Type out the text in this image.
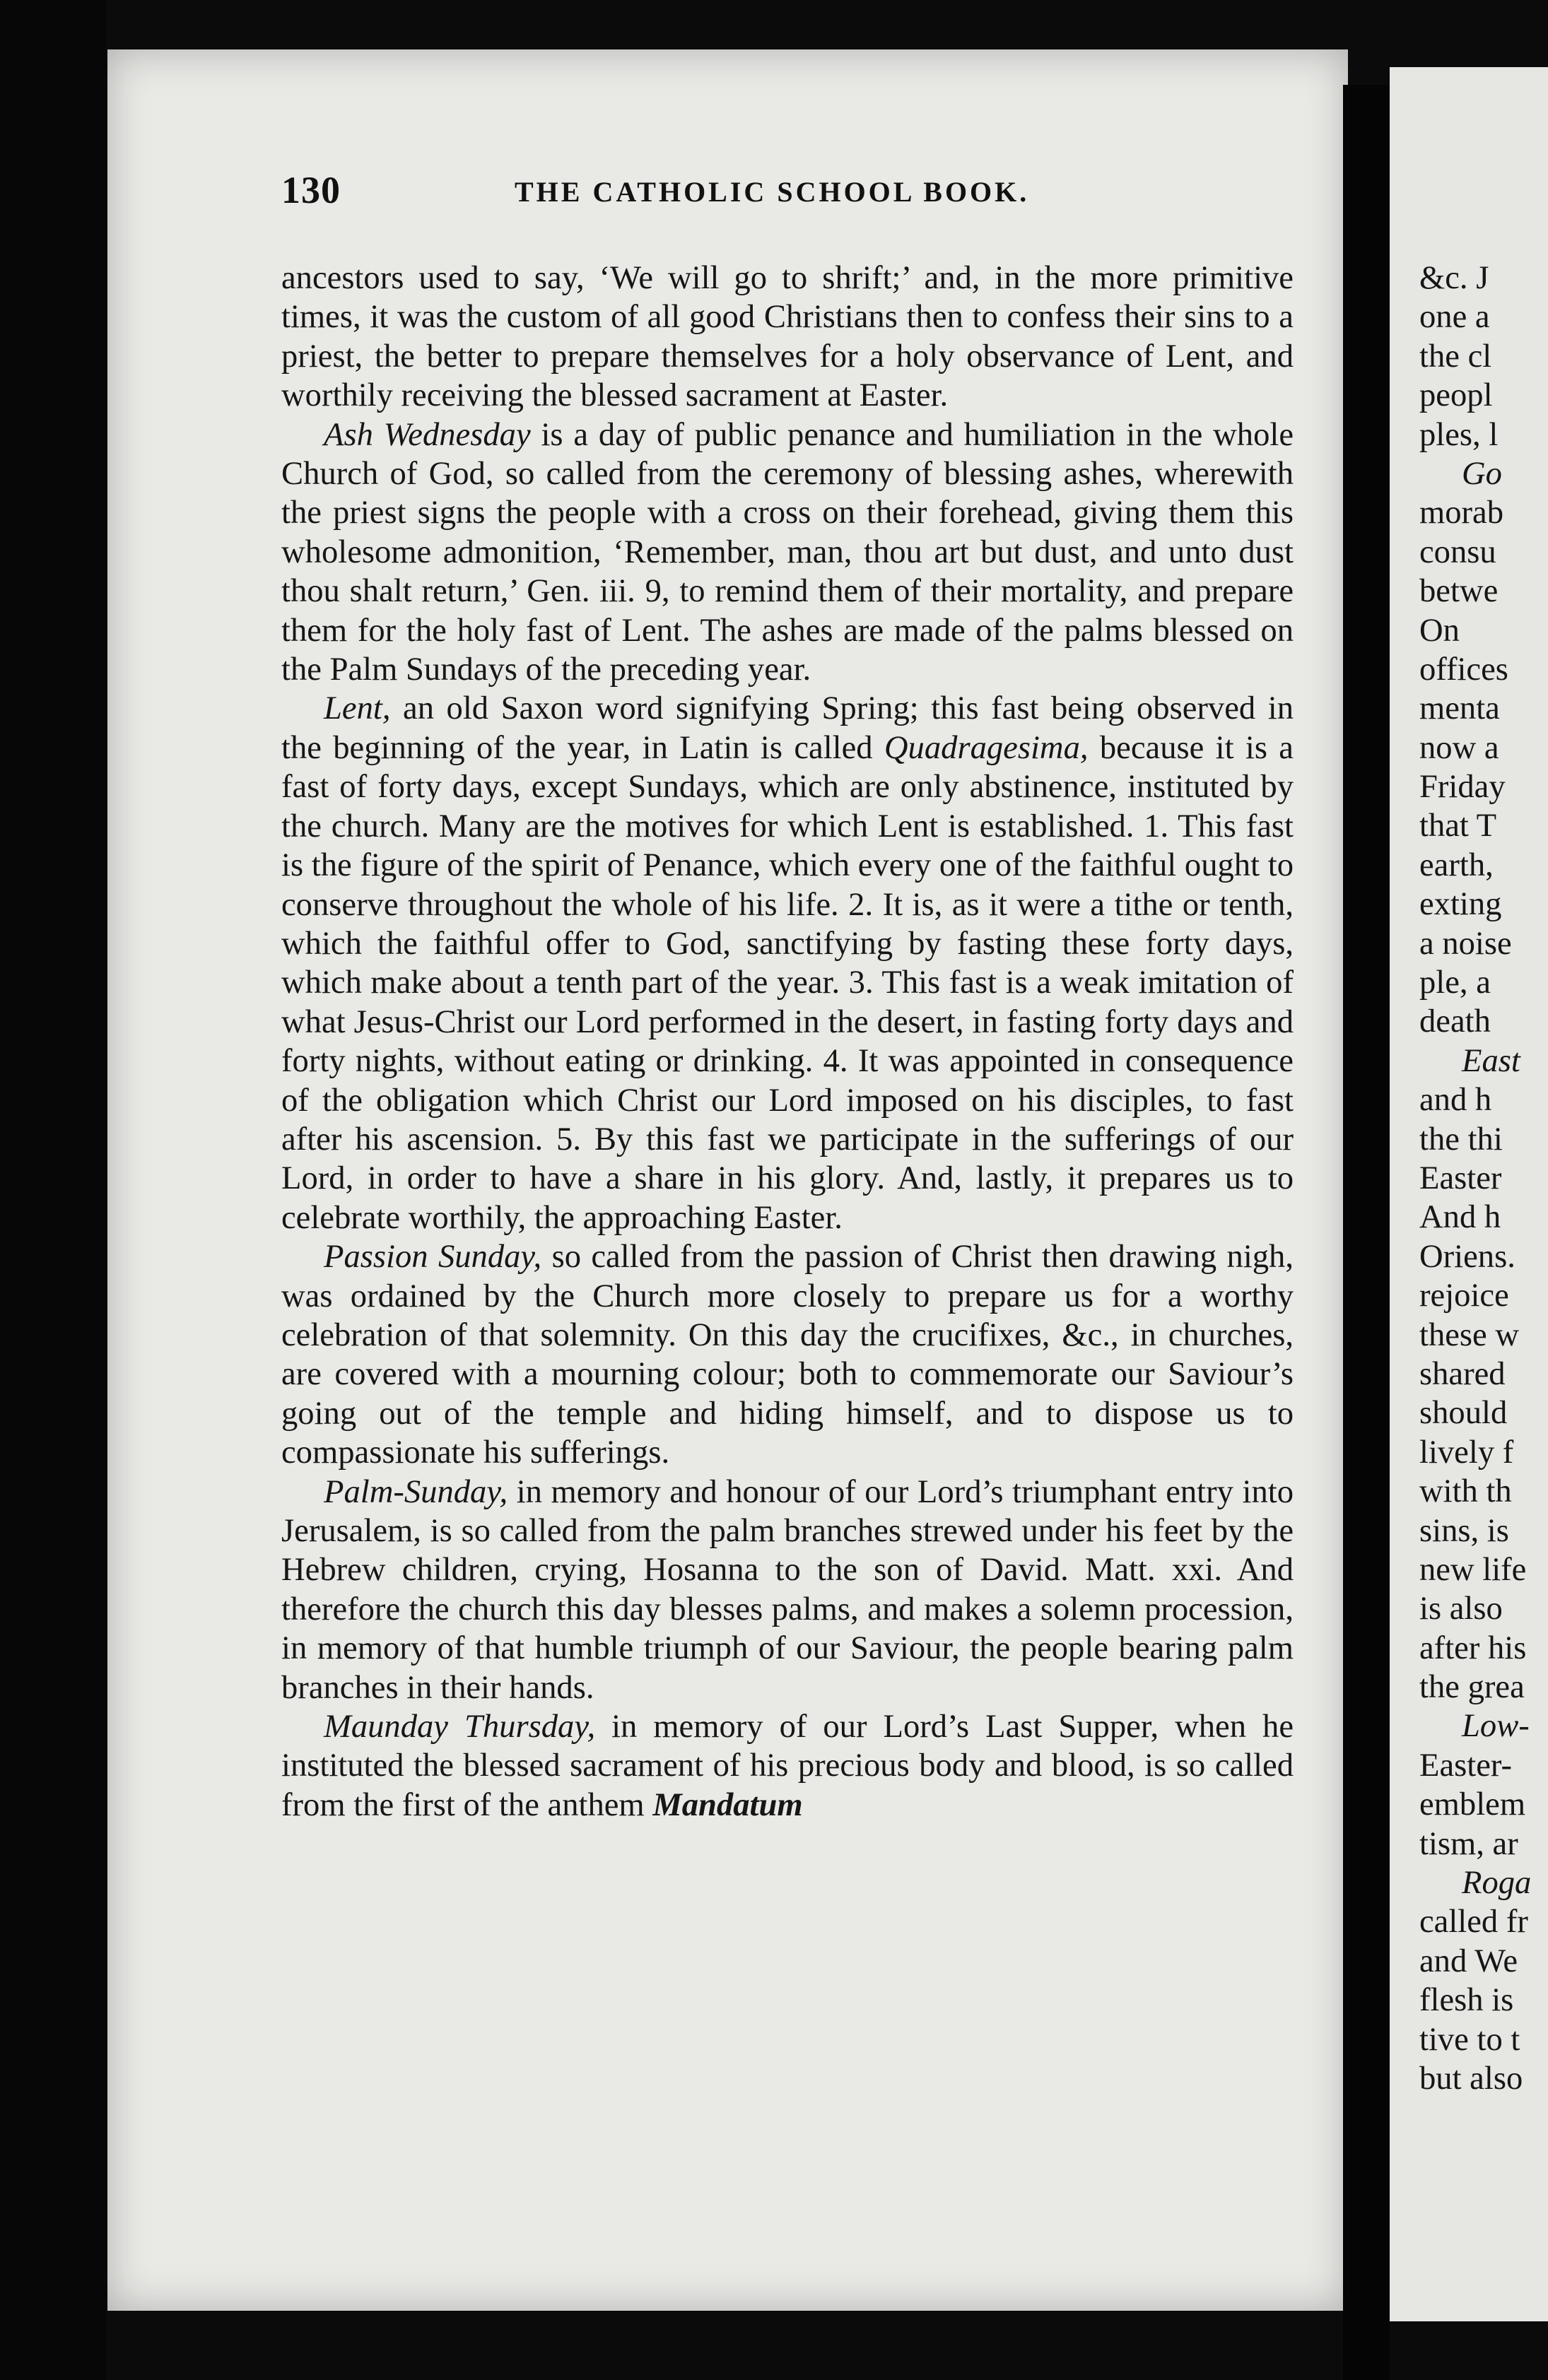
130	THE CATHOLIC SCHOOL BOOK.

ancestors used to say, ‘We will go to shrift;’ and, in the more primitive times, it was the custom of all good Christians then to confess their sins to a priest, the better to prepare themselves for a holy observance of Lent, and worthily receiving the blessed sacrament at Easter.

Ash Wednesday is a day of public penance and humiliation in the whole Church of God, so called from the ceremony of blessing ashes, wherewith the priest signs the people with a cross on their forehead, giving them this wholesome admonition, ‘Remember, man, thou art but dust, and unto dust thou shalt return,’ Gen. iii. 9, to remind them of their mortality, and prepare them for the holy fast of Lent. The ashes are made of the palms blessed on the Palm Sundays of the preceding year.

Lent, an old Saxon word signifying Spring; this fast being observed in the beginning of the year, in Latin is called Quadragesima, because it is a fast of forty days, except Sundays, which are only abstinence, instituted by the church. Many are the motives for which Lent is established. 1. This fast is the figure of the spirit of Penance, which every one of the faithful ought to conserve throughout the whole of his life. 2. It is, as it were a tithe or tenth, which the faithful offer to God, sanctifying by fasting these forty days, which make about a tenth part of the year. 3. This fast is a weak imitation of what Jesus-Christ our Lord performed in the desert, in fasting forty days and forty nights, without eating or drinking. 4. It was appointed in consequence of the obligation which Christ our Lord imposed on his disciples, to fast after his ascension. 5. By this fast we participate in the sufferings of our Lord, in order to have a share in his glory. And, lastly, it prepares us to celebrate worthily, the approaching Easter.

Passion Sunday, so called from the passion of Christ then drawing nigh, was ordained by the Church more closely to prepare us for a worthy celebration of that solemnity. On this day the crucifixes, &c., in churches, are covered with a mourning colour; both to commemorate our Saviour’s going out of the temple and hiding himself, and to dispose us to compassionate his sufferings.

Palm-Sunday, in memory and honour of our Lord’s triumphant entry into Jerusalem, is so called from the palm branches strewed under his feet by the Hebrew children, crying, Hosanna to the son of David. Matt. xxi. And therefore the church this day blesses palms, and makes a solemn procession, in memory of that humble triumph of our Saviour, the people bearing palm branches in their hands.

Maunday Thursday, in memory of our Lord’s Last Supper, when he instituted the blessed sacrament of his precious body and blood, is so called from the first of the anthem Mandatum

&c. J
one a
the cl
peopl
ples, l
Go
morab
consu
betwe
On
offices
menta
now a
Friday
that T
earth,
exting
a noise
ple, a
death
East
and h
the thi
Easter
And h
Oriens.
rejoice
these w
shared
should
lively f
with th
sins, is
new life
is also
after his
the grea
Low-
Easter-
emblem
tism, ar
Roga
called fr
and We
flesh is
tive to t
but also
